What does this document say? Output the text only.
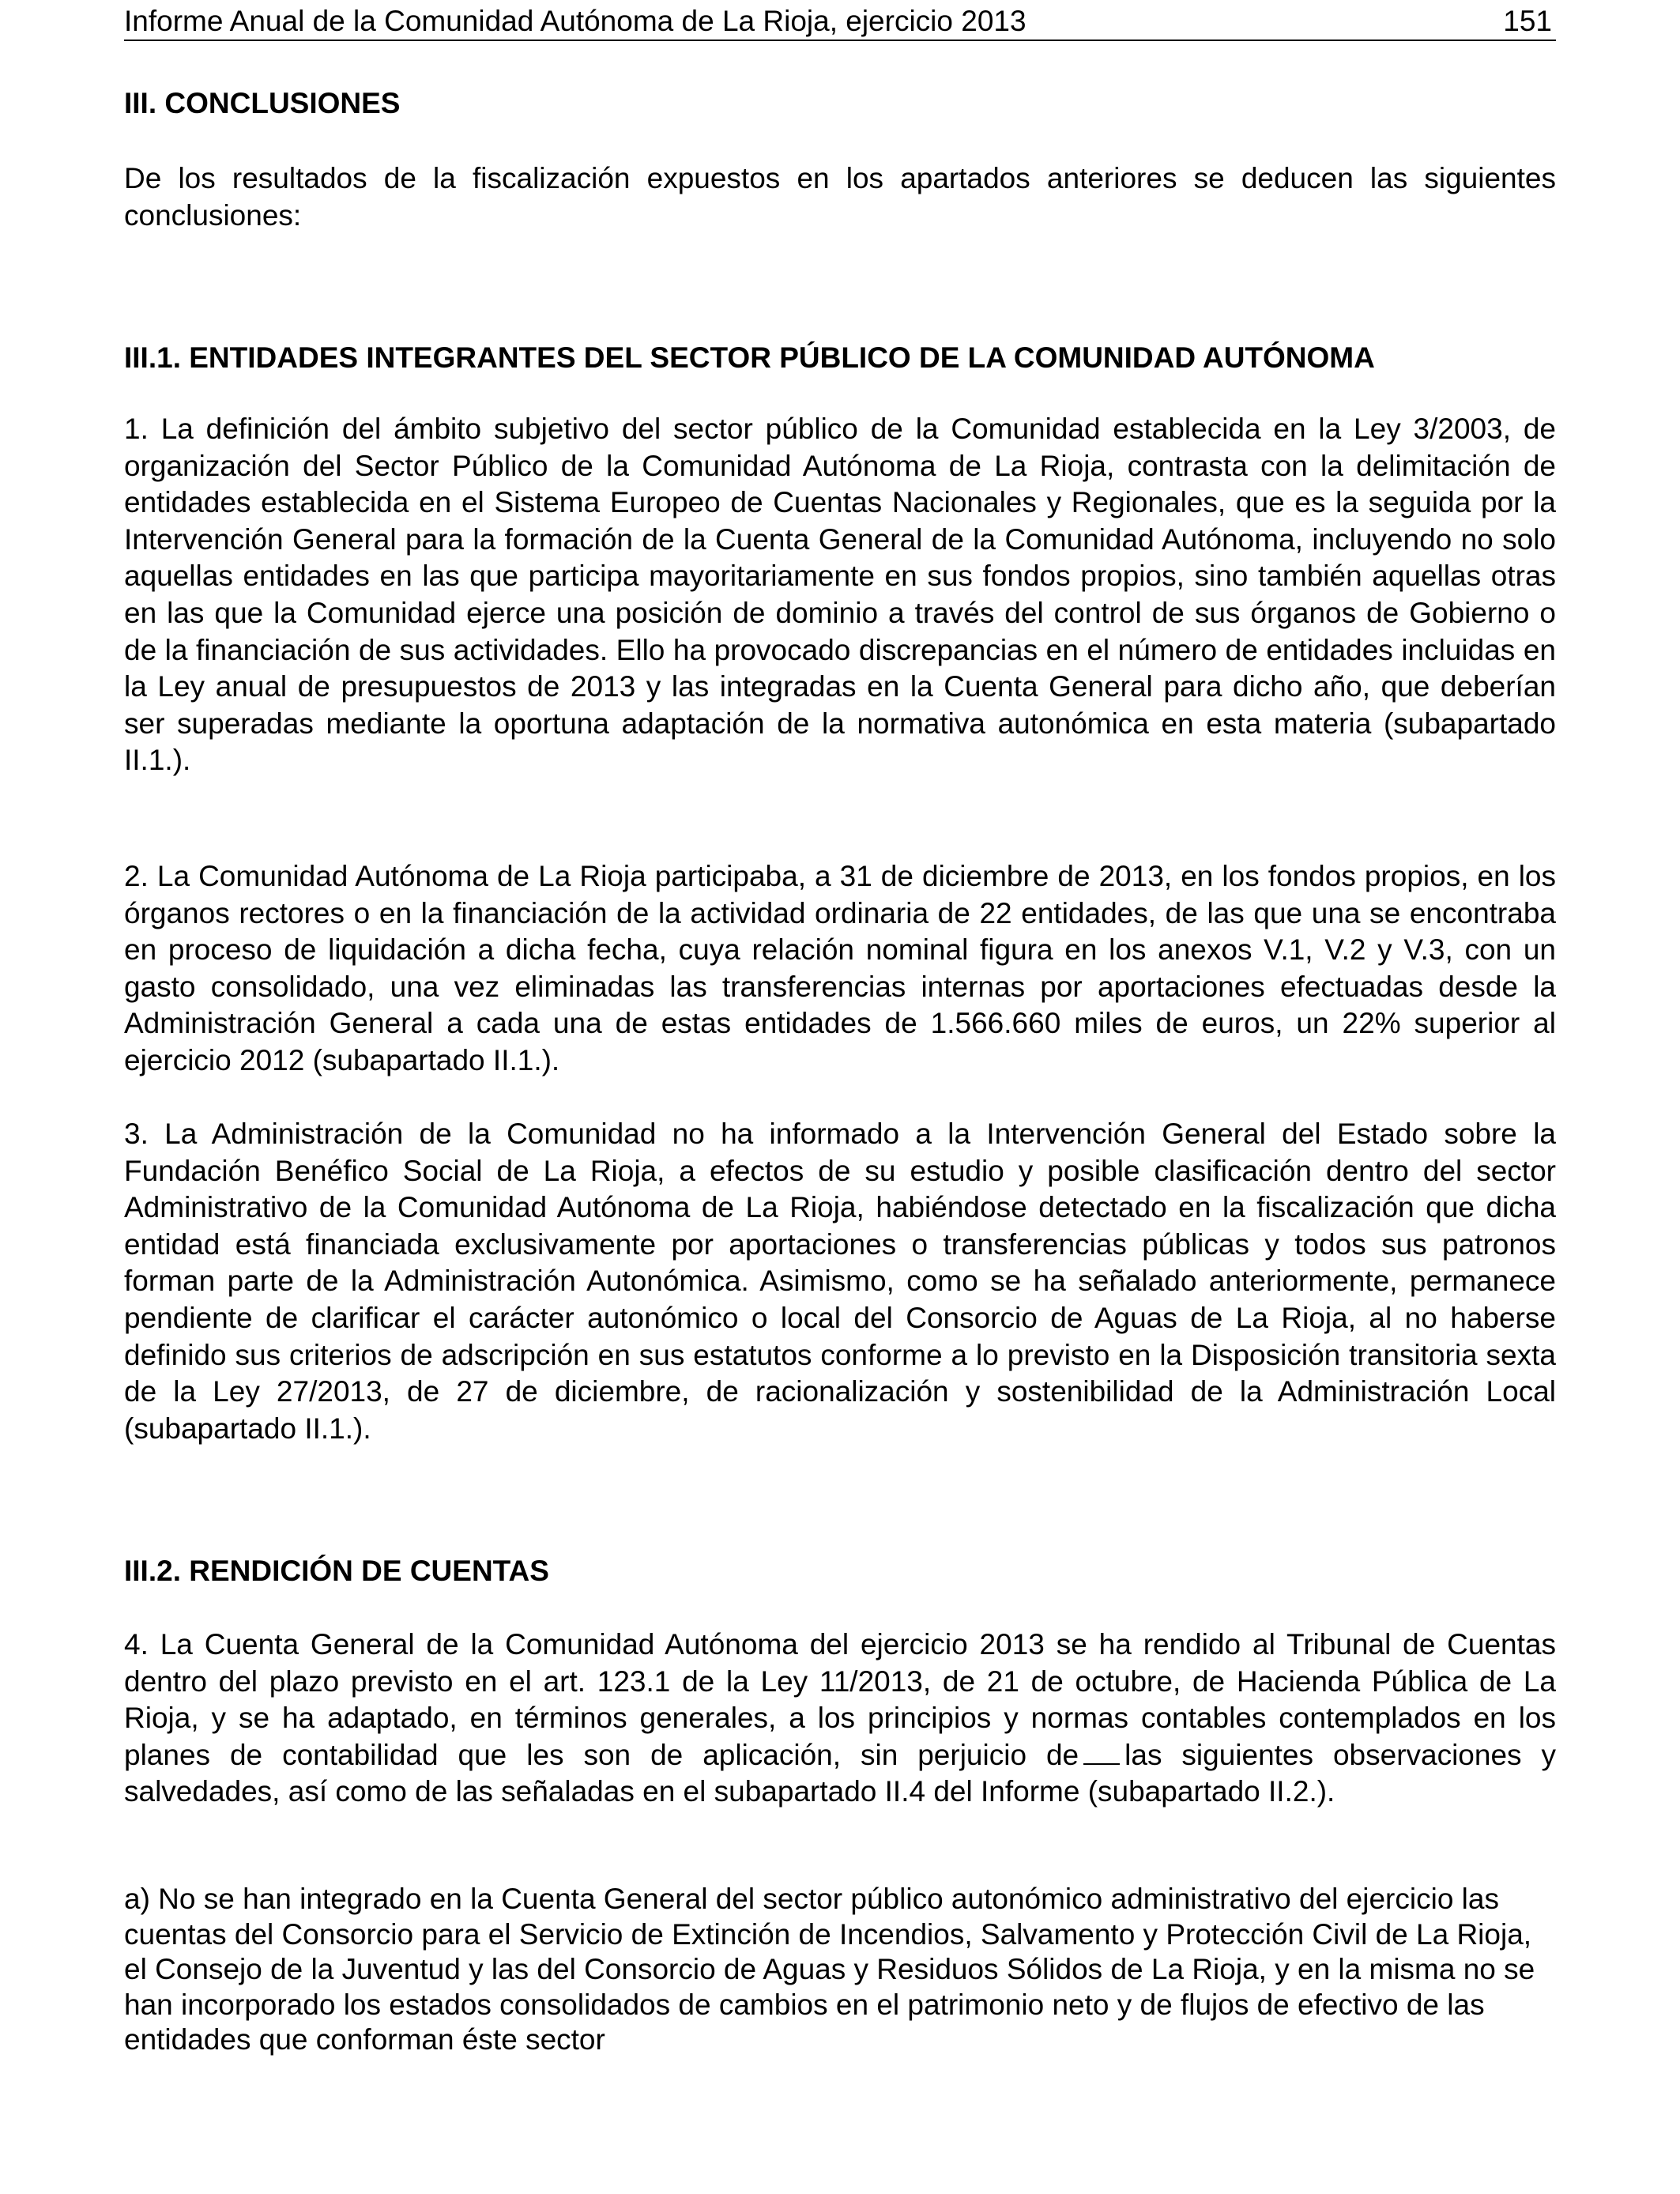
Informe Anual de la Comunidad Autónoma de La Rioja, ejercicio 2013	151
III. CONCLUSIONES

De los resultados de la fiscalización expuestos en los apartados anteriores se deducen las siguientes conclusiones:

III.1. ENTIDADES INTEGRANTES DEL SECTOR PÚBLICO DE LA COMUNIDAD AUTÓNOMA

1. La definición del ámbito subjetivo del sector público de la Comunidad establecida en la Ley 3/2003, de organización del Sector Público de la Comunidad Autónoma de La Rioja, contrasta con la delimitación de entidades establecida en el Sistema Europeo de Cuentas Nacionales y Regionales, que es la seguida por la Intervención General para la formación de la Cuenta General de la Comunidad Autónoma, incluyendo no solo aquellas entidades en las que participa mayoritariamente en sus fondos propios, sino también aquellas otras en las que la Comunidad ejerce una posición de dominio a través del control de sus órganos de Gobierno o de la financiación de sus actividades. Ello ha provocado discrepancias en el número de entidades incluidas en la Ley anual de presupuestos de 2013 y las integradas en la Cuenta General para dicho año, que deberían ser superadas mediante la oportuna adaptación de la normativa autonómica en esta materia (subapartado II.1.).

2. La Comunidad Autónoma de La Rioja participaba, a 31 de diciembre de 2013, en los fondos propios, en los órganos rectores o en la financiación de la actividad ordinaria de 22 entidades, de las que una se encontraba en proceso de liquidación a dicha fecha, cuya relación nominal figura en los anexos V.1, V.2 y V.3, con un gasto consolidado, una vez eliminadas las transferencias internas por aportaciones efectuadas desde la Administración General a cada una de estas entidades de 1.566.660 miles de euros, un 22% superior al ejercicio 2012 (subapartado II.1.).

3. La Administración de la Comunidad no ha informado a la Intervención General del Estado sobre la Fundación Benéfico Social de La Rioja, a efectos de su estudio y posible clasificación dentro del sector Administrativo de la Comunidad Autónoma de La Rioja, habiéndose detectado en la fiscalización que dicha entidad está financiada exclusivamente por aportaciones o transferencias públicas y todos sus patronos forman parte de la Administración Autonómica. Asimismo, como se ha señalado anteriormente, permanece pendiente de clarificar el carácter autonómico o local del Consorcio de Aguas de La Rioja, al no haberse definido sus criterios de adscripción en sus estatutos conforme a lo previsto en la Disposición transitoria sexta de la Ley 27/2013, de 27 de diciembre, de racionalización y sostenibilidad de la Administración Local (subapartado II.1.).

III.2. RENDICIÓN DE CUENTAS

4. La Cuenta General de la Comunidad Autónoma del ejercicio 2013 se ha rendido al Tribunal de Cuentas dentro del plazo previsto en el art. 123.1 de la Ley 11/2013, de 21 de octubre, de Hacienda Pública de La Rioja, y se ha adaptado, en términos generales, a los principios y normas contables contemplados en los planes de contabilidad que les son de aplicación, sin perjuicio de las siguientes observaciones y salvedades, así como de las señaladas en el subapartado II.4 del Informe (subapartado II.2.).

a) No se han integrado en la Cuenta General del sector público autonómico administrativo del ejercicio las cuentas del Consorcio para el Servicio de Extinción de Incendios, Salvamento y Protección Civil de La Rioja, el Consejo de la Juventud y las del Consorcio de Aguas y Residuos Sólidos de La Rioja, y en la misma no se han incorporado los estados consolidados de cambios en el patrimonio neto y de flujos de efectivo de las entidades que conforman éste sector
